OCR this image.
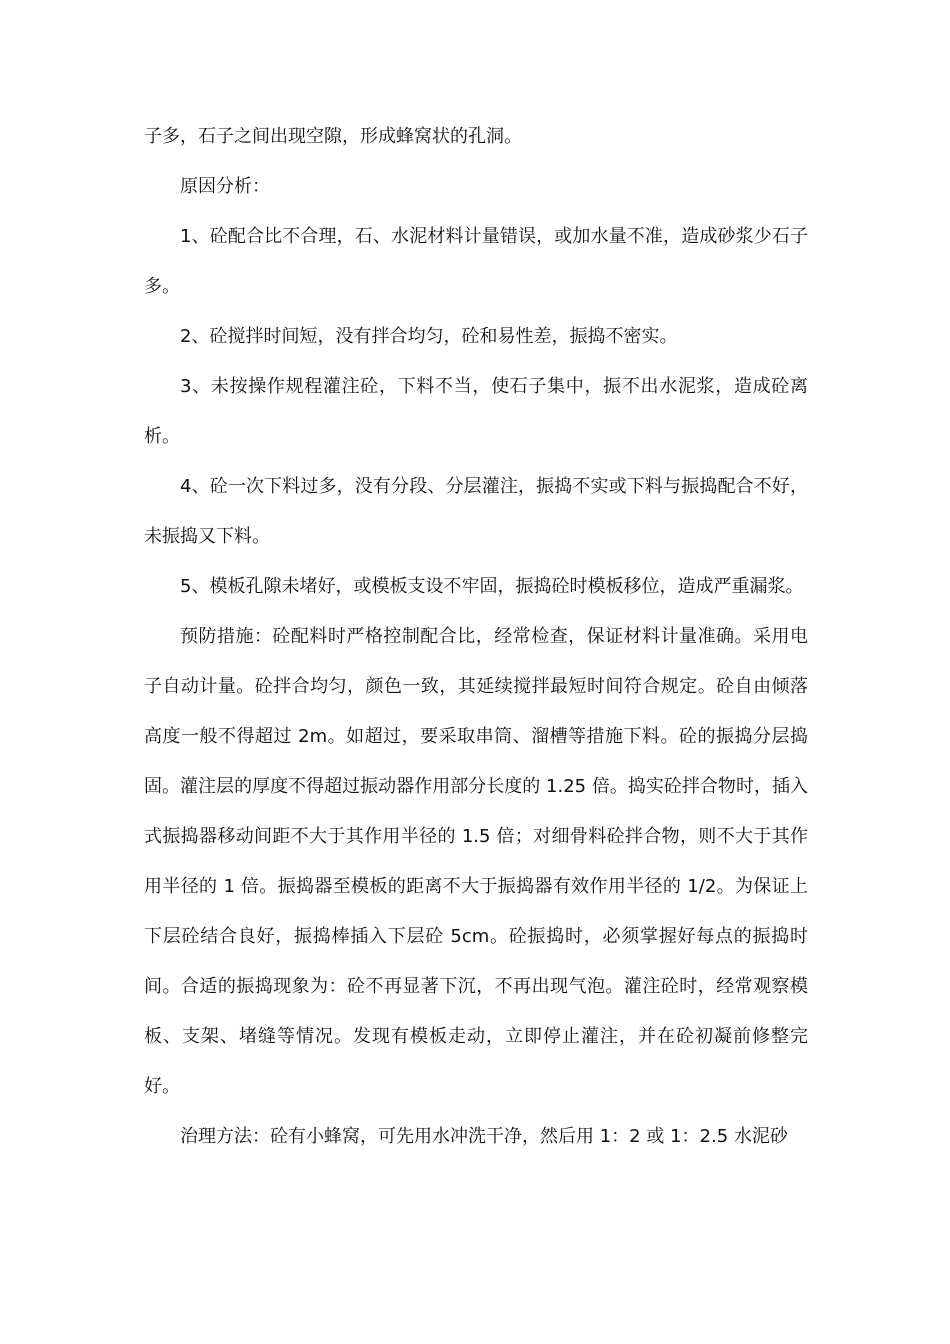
子多，石子之间出现空隙，形成蜂窝状的孔洞。

原因分析：

1、砼配合比不合理，石、水泥材料计量错误，或加水量不准，造成砂浆少石子多。

2、砼搅拌时间短，没有拌合均匀，砼和易性差，振捣不密实。

3、未按操作规程灌注砼，下料不当，使石子集中，振不出水泥浆，造成砼离析。

4、砼一次下料过多，没有分段、分层灌注，振捣不实或下料与振捣配合不好，未振捣又下料。

5、模板孔隙未堵好，或模板支设不牢固，振捣砼时模板移位，造成严重漏浆。

预防措施：砼配料时严格控制配合比，经常检查，保证材料计量准确。采用电子自动计量。砼拌合均匀，颜色一致，其延续搅拌最短时间符合规定。砼自由倾落高度一般不得超过 2m。如超过，要采取串筒、溜槽等措施下料。砼的振捣分层捣固。灌注层的厚度不得超过振动器作用部分长度的 1.25 倍。捣实砼拌合物时，插入式振捣器移动间距不大于其作用半径的 1.5 倍；对细骨料砼拌合物，则不大于其作用半径的 1 倍。振捣器至模板的距离不大于振捣器有效作用半径的 1/2。为保证上下层砼结合良好，振捣棒插入下层砼 5cm。砼振捣时，必须掌握好每点的振捣时间。合适的振捣现象为：砼不再显著下沉，不再出现气泡。灌注砼时，经常观察模板、支架、堵缝等情况。发现有模板走动，立即停止灌注，并在砼初凝前修整完好。

治理方法：砼有小蜂窝，可先用水冲洗干净，然后用 1：2 或 1：2.5 水泥砂
